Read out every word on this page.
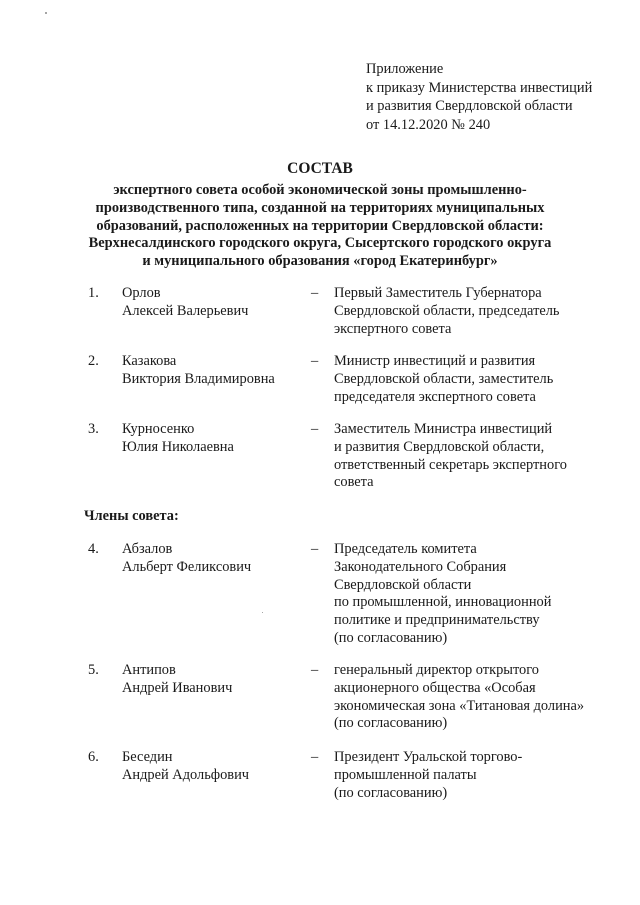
Приложение
к приказу Министерства инвестиций
и развития Свердловской области
от 14.12.2020 № 240
СОСТАВ
экспертного совета особой экономической зоны промышленно-
производственного типа, созданной на территориях муниципальных
образований, расположенных на территории Свердловской области:
Верхнесалдинского городского округа, Сысертского городского округа
и муниципального образования «город Екатеринбург»
1. Орлов
Алексей Валерьевич
– Первый Заместитель Губернатора
Свердловской области, председатель
экспертного совета
2. Казакова
Виктория Владимировна
– Министр инвестиций и развития
Свердловской области, заместитель
председателя экспертного совета
3. Курносенко
Юлия Николаевна
– Заместитель Министра инвестиций
и развития Свердловской области,
ответственный секретарь экспертного
совета
Члены совета:
4. Абзалов
Альберт Феликсович
– Председатель комитета
Законодательного Собрания
Свердловской области
по промышленной, инновационной
политике и предпринимательству
(по согласованию)
5. Антипов
Андрей Иванович
– генеральный директор открытого
акционерного общества «Особая
экономическая зона «Титановая долина»
(по согласованию)
6. Беседин
Андрей Адольфович
– Президент Уральской торгово-
промышленной палаты
(по согласованию)
